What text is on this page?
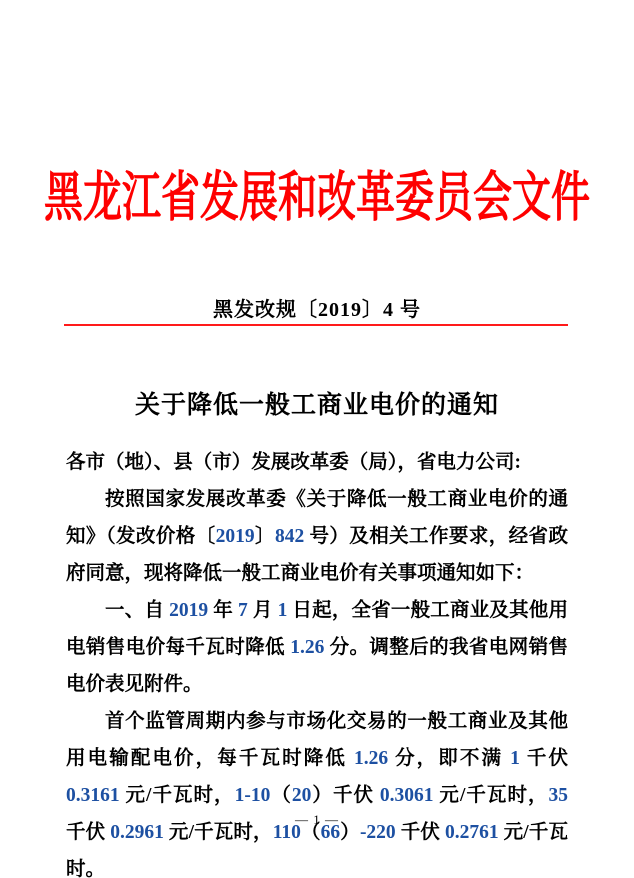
黑龙江省发展和改革委员会文件
黑发改规〔2019〕4 号
关于降低一般工商业电价的通知
各市（地）、县（市）发展改革委（局），省电力公司:
按照国家发展改革委《关于降低一般工商业电价的通知》（发改价格〔2019〕842 号）及相关工作要求，经省政府同意，现将降低一般工商业电价有关事项通知如下：
一、自 2019 年 7 月 1 日起，全省一般工商业及其他用电销售电价每千瓦时降低 1.26 分。调整后的我省电网销售电价表见附件。
首个监管周期内参与市场化交易的一般工商业及其他用电输配电价，每千瓦时降低 1.26 分，即不满 1 千伏 0.3161 元/千瓦时，1-10（20）千伏 0.3061 元/千瓦时，35 千伏 0.2961 元/千瓦时，110（66）-220 千伏 0.2761 元/千瓦时。
— 1 —
